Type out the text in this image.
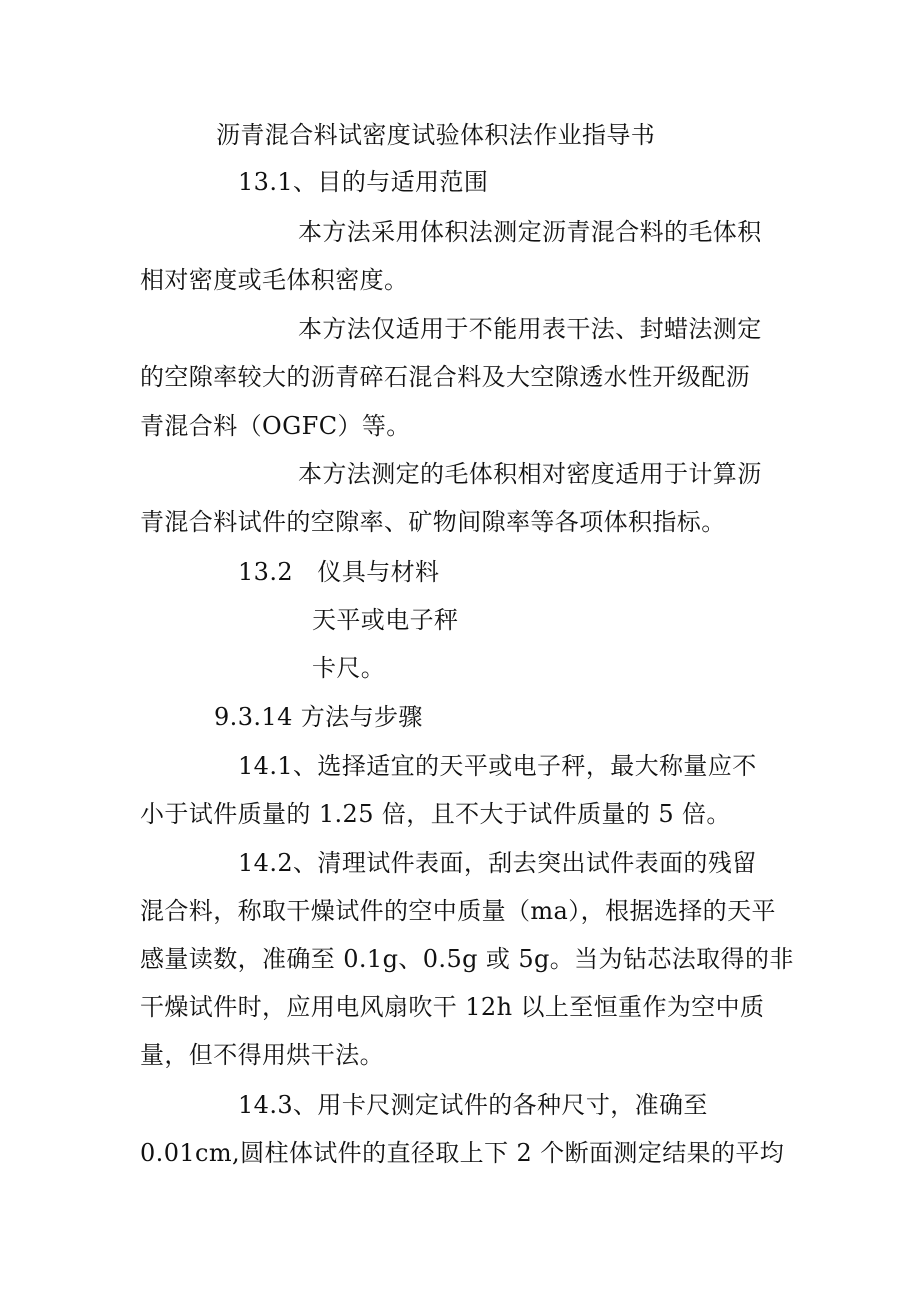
沥青混合料试密度试验体积法作业指导书
13.1、目的与适用范围
本方法采用体积法测定沥青混合料的毛体积
相对密度或毛体积密度。
本方法仅适用于不能用表干法、封蜡法测定
的空隙率较大的沥青碎石混合料及大空隙透水性开级配沥
青混合料（OGFC）等。
本方法测定的毛体积相对密度适用于计算沥
青混合料试件的空隙率、矿物间隙率等各项体积指标。
13.2　仪具与材料
天平或电子秤
卡尺。
9.3.14 方法与步骤
14.1、选择适宜的天平或电子秤，最大称量应不
小于试件质量的 1.25 倍，且不大于试件质量的 5 倍。
14.2、清理试件表面，刮去突出试件表面的残留
混合料，称取干燥试件的空中质量（ma），根据选择的天平
感量读数，准确至 0.1g、0.5g 或 5g。当为钻芯法取得的非
干燥试件时，应用电风扇吹干 12h 以上至恒重作为空中质
量，但不得用烘干法。
14.3、用卡尺测定试件的各种尺寸，准确至
0.01cm,圆柱体试件的直径取上下 2 个断面测定结果的平均
